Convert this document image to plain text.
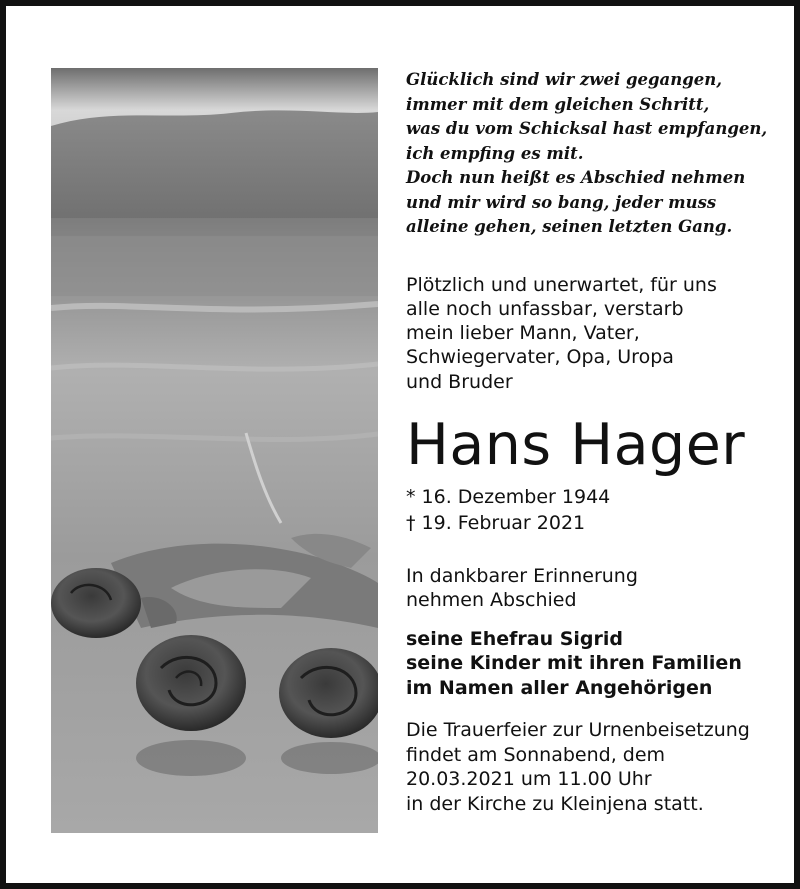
Glücklich sind wir zwei gegangen,
immer mit dem gleichen Schritt,
was du vom Schicksal hast empfangen,
ich empfing es mit.
Doch nun heißt es Abschied nehmen
und mir wird so bang, jeder muss
alleine gehen, seinen letzten Gang.
Plötzlich und unerwartet, für uns
alle noch unfassbar, verstarb
mein lieber Mann, Vater,
Schwiegervater, Opa, Uropa
und Bruder
Hans Hager
* 16. Dezember 1944
† 19. Februar 2021
In dankbarer Erinnerung
nehmen Abschied
seine Ehefrau Sigrid
seine Kinder mit ihren Familien
im Namen aller Angehörigen
Die Trauerfeier zur Urnenbeisetzung
findet am Sonnabend, dem
20.03.2021 um 11.00 Uhr
in der Kirche zu Kleinjena statt.
